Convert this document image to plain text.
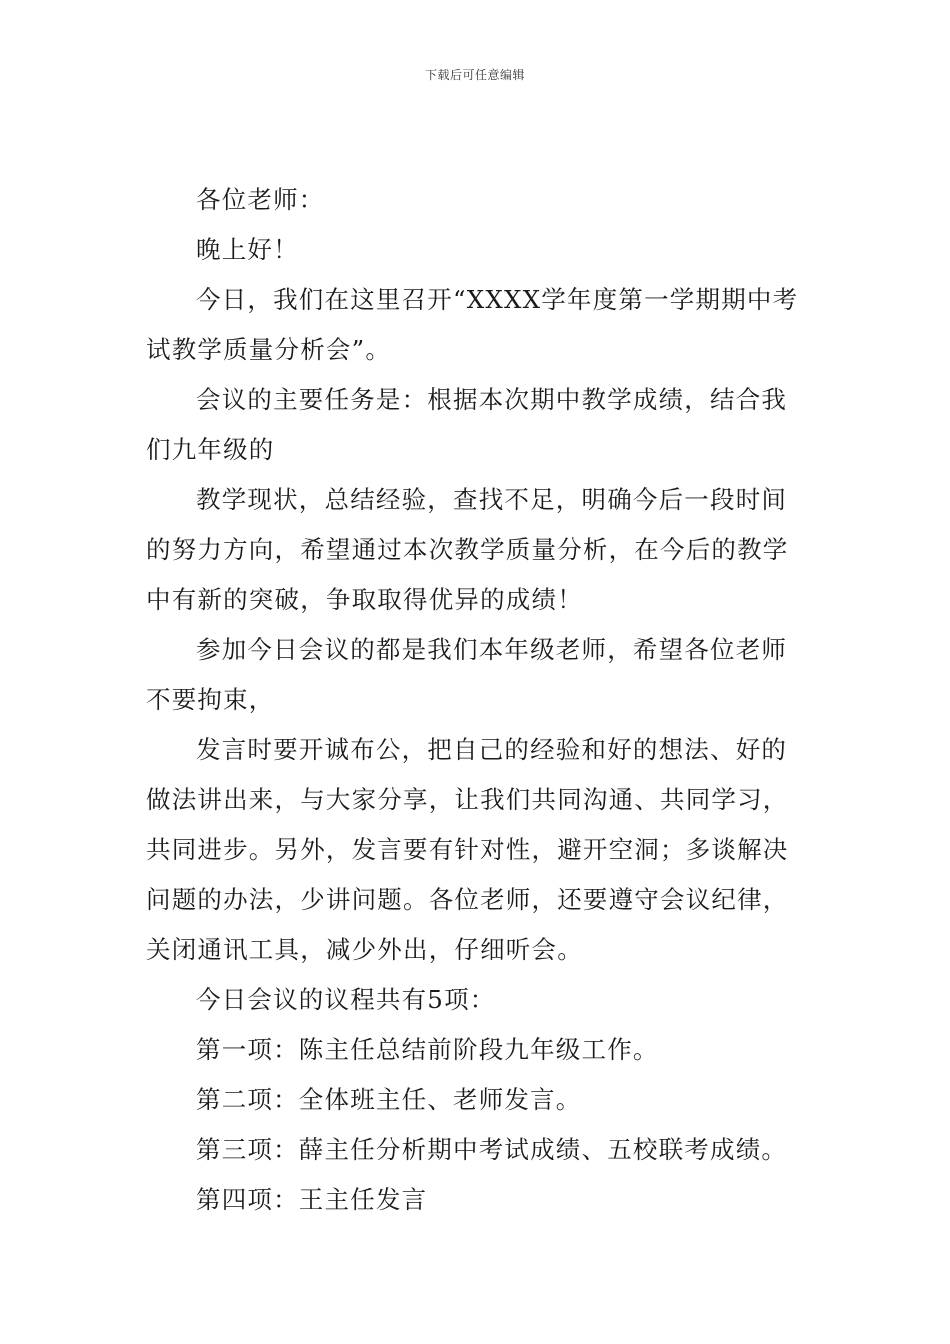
下载后可任意编辑
各位老师：
晚上好！
今日，我们在这里召开“XXXX学年度第一学期期中考
试教学质量分析会”。
会议的主要任务是：根据本次期中教学成绩，结合我
们九年级的
教学现状，总结经验，查找不足，明确今后一段时间
的努力方向，希望通过本次教学质量分析，在今后的教学
中有新的突破，争取取得优异的成绩！
参加今日会议的都是我们本年级老师，希望各位老师
不要拘束，
发言时要开诚布公，把自己的经验和好的想法、好的
做法讲出来，与大家分享，让我们共同沟通、共同学习，
共同进步。另外，发言要有针对性，避开空洞；多谈解决
问题的办法，少讲问题。各位老师，还要遵守会议纪律，
关闭通讯工具，减少外出，仔细听会。
今日会议的议程共有5项：
第一项：陈主任总结前阶段九年级工作。
第二项：全体班主任、老师发言。
第三项：薛主任分析期中考试成绩、五校联考成绩。
第四项：王主任发言
